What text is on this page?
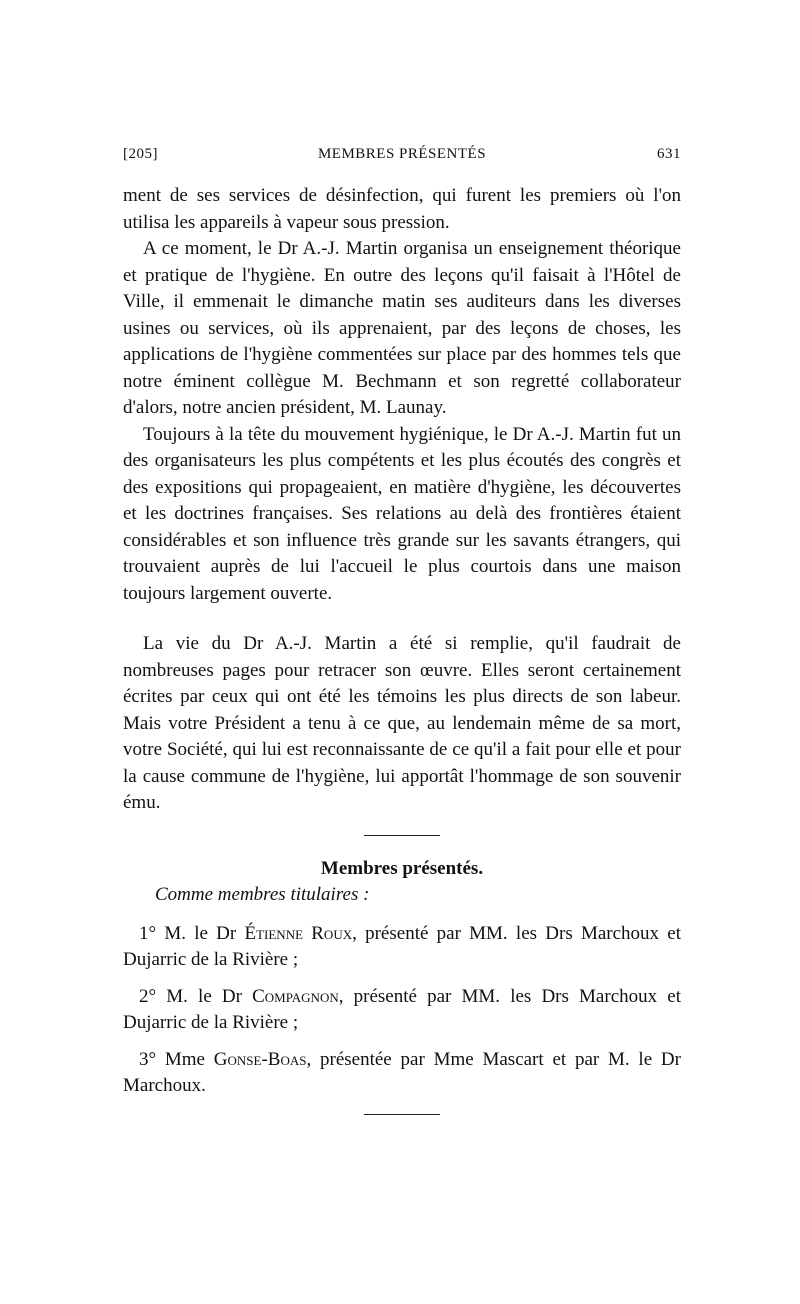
[205]	MEMBRES PRÉSENTÉS	631

ment de ses services de désinfection, qui furent les premiers où l'on utilisa les appareils à vapeur sous pression.

A ce moment, le Dr A.-J. Martin organisa un enseignement théorique et pratique de l'hygiène. En outre des leçons qu'il faisait à l'Hôtel de Ville, il emmenait le dimanche matin ses auditeurs dans les diverses usines ou services, où ils apprenaient, par des leçons de choses, les applications de l'hygiène commentées sur place par des hommes tels que notre éminent collègue M. Bechmann et son regretté collaborateur d'alors, notre ancien président, M. Launay.

Toujours à la tête du mouvement hygiénique, le Dr A.-J. Martin fut un des organisateurs les plus compétents et les plus écoutés des congrès et des expositions qui propageaient, en matière d'hygiène, les découvertes et les doctrines françaises. Ses relations au delà des frontières étaient considérables et son influence très grande sur les savants étrangers, qui trouvaient auprès de lui l'accueil le plus courtois dans une maison toujours largement ouverte.

La vie du Dr A.-J. Martin a été si remplie, qu'il faudrait de nombreuses pages pour retracer son œuvre. Elles seront certainement écrites par ceux qui ont été les témoins les plus directs de son labeur. Mais votre Président a tenu à ce que, au lendemain même de sa mort, votre Société, qui lui est reconnaissante de ce qu'il a fait pour elle et pour la cause commune de l'hygiène, lui apportât l'hommage de son souvenir ému.

Membres présentés.

Comme membres titulaires :

1° M. le Dr Étienne Roux, présenté par MM. les Drs Marchoux et Dujarric de la Rivière ;

2° M. le Dr Compagnon, présenté par MM. les Drs Marchoux et Dujarric de la Rivière ;

3° Mme Gonse-Boas, présentée par Mme Mascart et par M. le Dr Marchoux.
